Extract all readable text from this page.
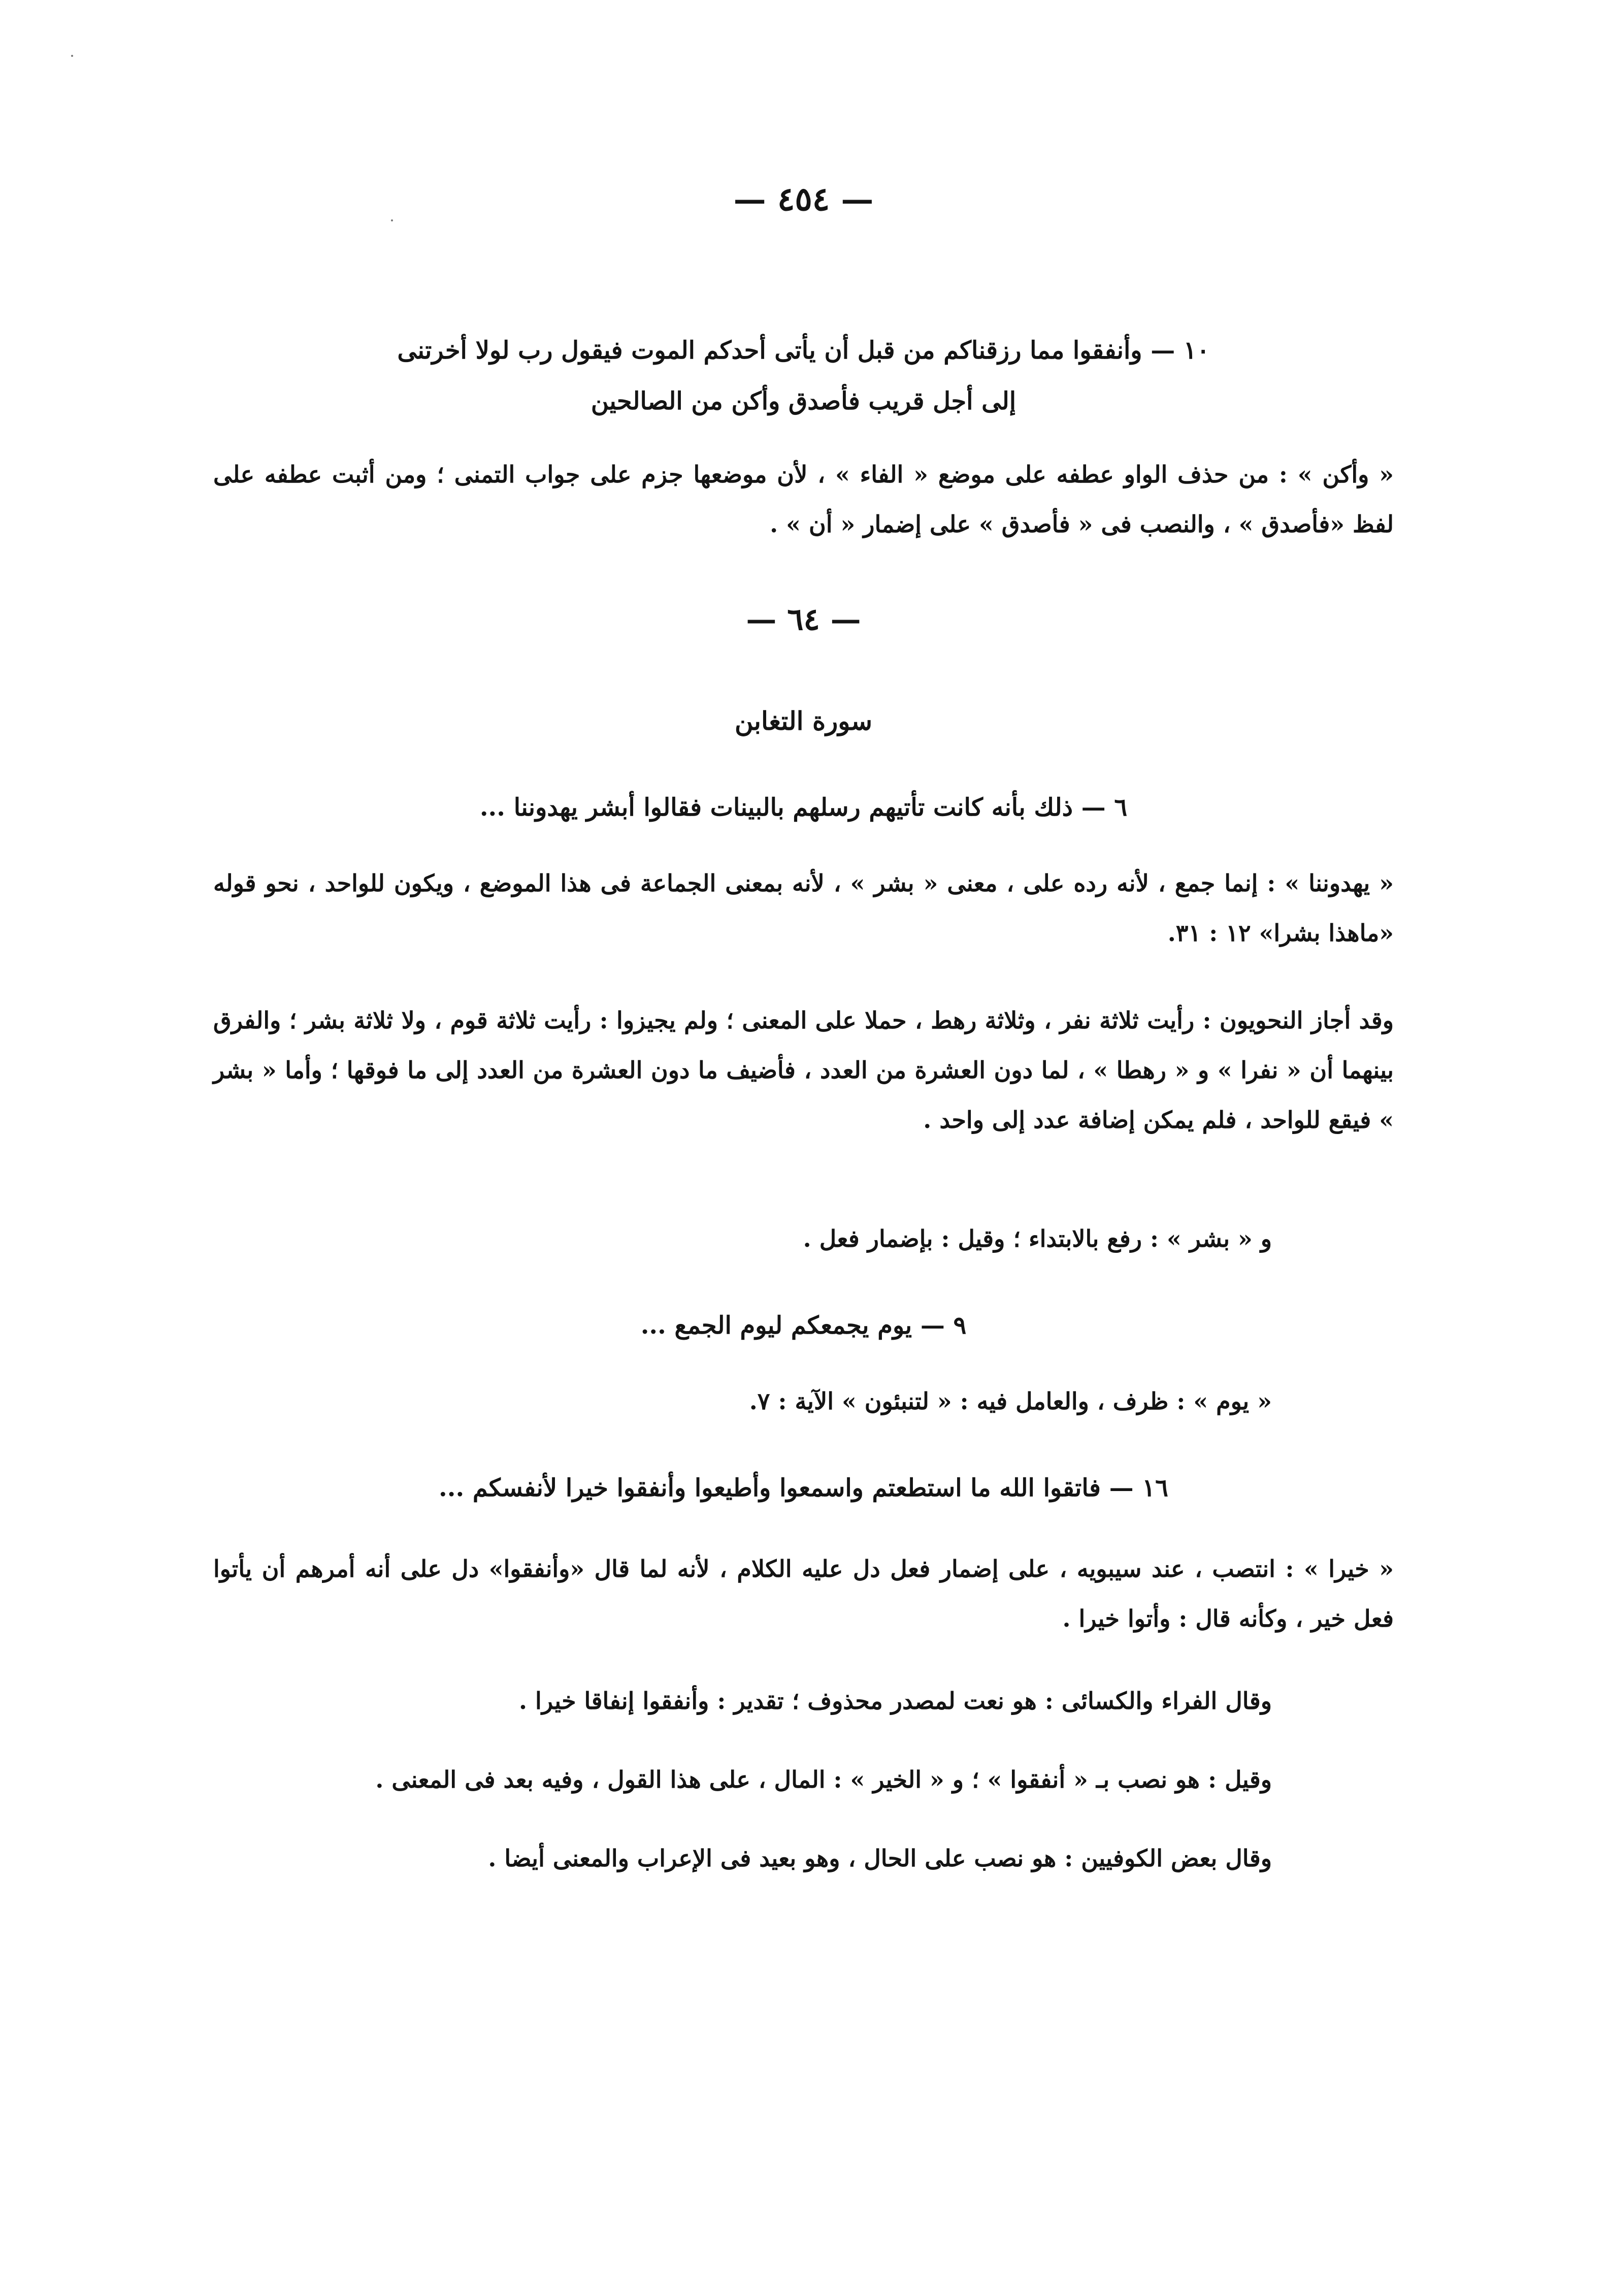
— ٤٥٤ —
١٠ — وأنفقوا مما رزقناكم من قبل أن يأتى أحدكم الموت فيقول رب لولا أخرتنى
إلى أجل قريب فأصدق وأكن من الصالحين
« وأكن » : من حذف الواو عطفه على موضع « الفاء » ، لأن موضعها جزم على جواب التمنى ؛ ومن أثبت عطفه على لفظ «فأصدق » ، والنصب فى « فأصدق » على إضمار « أن » .
— ٦٤ —
سورة التغابن
٦ — ذلك بأنه كانت تأتيهم رسلهم بالبينات فقالوا أبشر يهدوننا ...
« يهدوننا » : إنما جمع ، لأنه رده على ، معنى « بشر » ، لأنه بمعنى الجماعة فى هذا الموضع ، ويكون للواحد ، نحو قوله «ماهذا بشرا» ١٢ : ٣١.
وقد أجاز النحويون : رأيت ثلاثة نفر ، وثلاثة رهط ، حملا على المعنى ؛ ولم يجيزوا : رأيت ثلاثة قوم ، ولا ثلاثة بشر ؛ والفرق بينهما أن « نفرا » و « رهطا » ، لما دون العشرة من العدد ، فأضيف ما دون العشرة من العدد إلى ما فوقها ؛ وأما « بشر » فيقع للواحد ، فلم يمكن إضافة عدد إلى واحد .
و « بشر » : رفع بالابتداء ؛ وقيل : بإضمار فعل .
٩ — يوم يجمعكم ليوم الجمع ...
« يوم » : ظرف ، والعامل فيه : « لتنبئون » الآية : ٧.
١٦ — فاتقوا الله ما استطعتم واسمعوا وأطيعوا وأنفقوا خيرا لأنفسكم ...
« خيرا » : انتصب ، عند سيبويه ، على إضمار فعل دل عليه الكلام ، لأنه لما قال «وأنفقوا» دل على أنه أمرهم أن يأتوا فعل خير ، وكأنه قال : وأتوا خيرا .
وقال الفراء والكسائى : هو نعت لمصدر محذوف ؛ تقدير : وأنفقوا إنفاقا خيرا .
وقيل : هو نصب بـ « أنفقوا » ؛ و « الخير » : المال ، على هذا القول ، وفيه بعد فى المعنى .
وقال بعض الكوفيين : هو نصب على الحال ، وهو بعيد فى الإعراب والمعنى أيضا .
